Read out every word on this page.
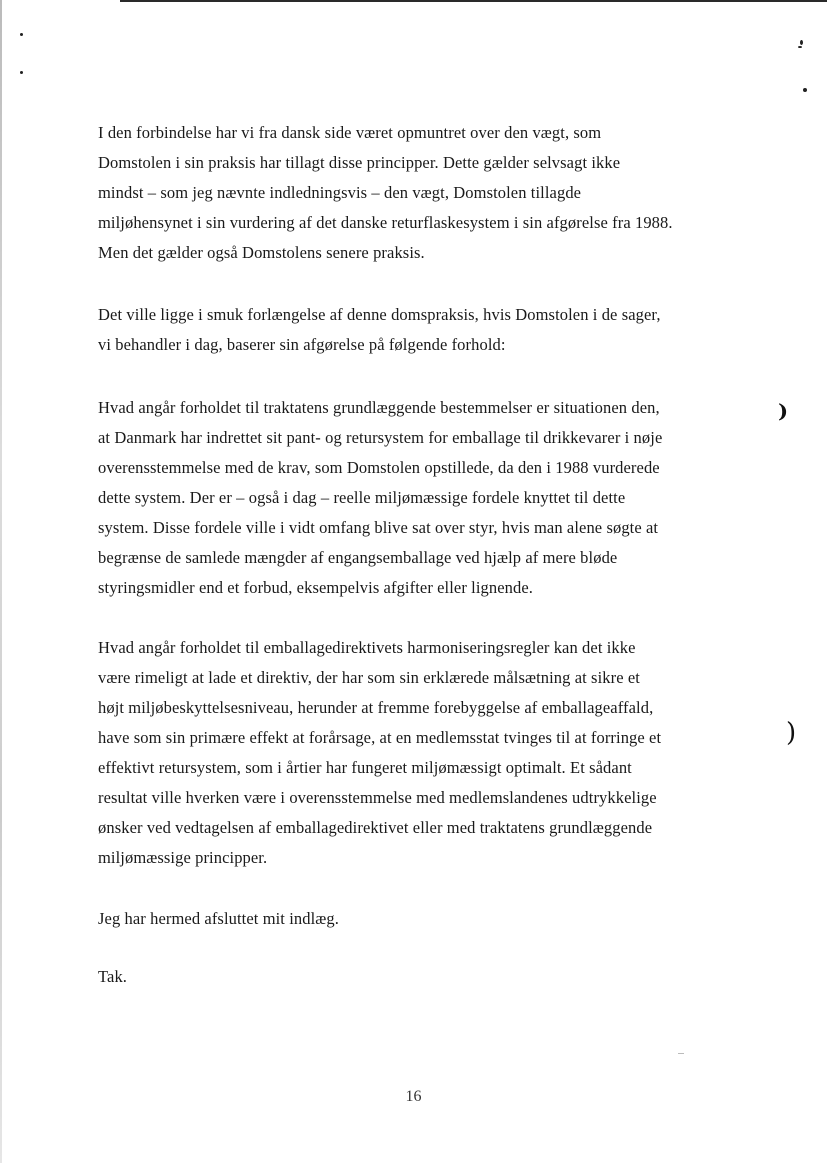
⁾
)
I den forbindelse har vi fra dansk side været opmuntret over den vægt, som
Domstolen i sin praksis har tillagt disse principper. Dette gælder selvsagt ikke
mindst – som jeg nævnte indledningsvis – den vægt, Domstolen tillagde
miljøhensynet i sin vurdering af det danske returflaskesystem i sin afgørelse fra 1988.
Men det gælder også Domstolens senere praksis.
Det ville ligge i smuk forlængelse af denne domspraksis, hvis Domstolen i de sager,
vi behandler i dag, baserer sin afgørelse på følgende forhold:
Hvad angår forholdet til traktatens grundlæggende bestemmelser er situationen den,
at Danmark har indrettet sit pant- og retursystem for emballage til drikkevarer i nøje
overensstemmelse med de krav, som Domstolen opstillede, da den i 1988 vurderede
dette system. Der er – også i dag – reelle miljømæssige fordele knyttet til dette
system. Disse fordele ville i vidt omfang blive sat over styr, hvis man alene søgte at
begrænse de samlede mængder af engangsemballage ved hjælp af mere bløde
styringsmidler end et forbud, eksempelvis afgifter eller lignende.
Hvad angår forholdet til emballagedirektivets harmoniseringsregler kan det ikke
være rimeligt at lade et direktiv, der har som sin erklærede målsætning at sikre et
højt miljøbeskyttelsesniveau, herunder at fremme forebyggelse af emballageaffald,
have som sin primære effekt at forårsage, at en medlemsstat tvinges til at forringe et
effektivt retursystem, som i årtier har fungeret miljømæssigt optimalt. Et sådant
resultat ville hverken være i overensstemmelse med medlemslandenes udtrykkelige
ønsker ved vedtagelsen af emballagedirektivet eller med traktatens grundlæggende
miljømæssige principper.
Jeg har hermed afsluttet mit indlæg.
Tak.
16
